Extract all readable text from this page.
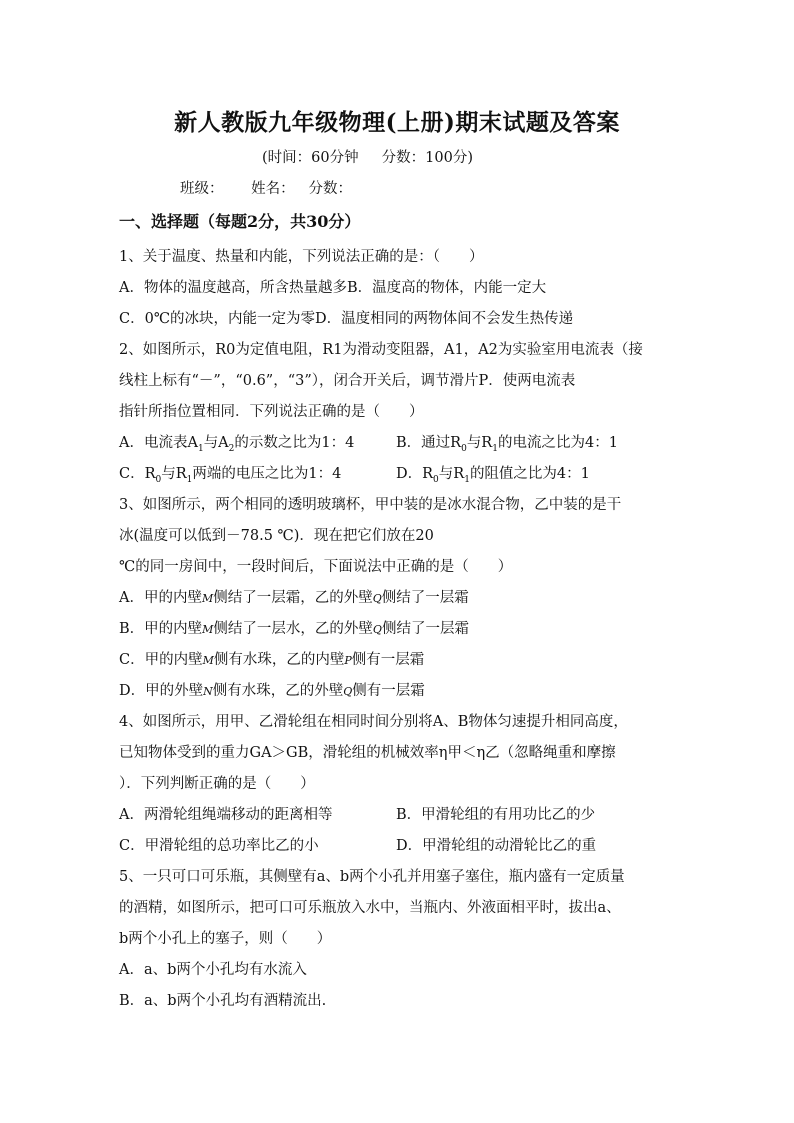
新人教版九年级物理(上册)期末试题及答案
(时间：60分钟     分数：100分)
班级：      姓名：   分数：
一、选择题（每题2分，共30分）
1、关于温度、热量和内能，下列说法正确的是：（　　）
A．物体的温度越高，所含热量越多B．温度高的物体，内能一定大
C．0℃的冰块，内能一定为零D．温度相同的两物体间不会发生热传递
2、如图所示，R0为定值电阻，R1为滑动变阻器，A1，A2为实验室用电流表（接
线柱上标有“－”，“0.6”，“3”），闭合开关后，调节滑片P．使两电流表
指针所指位置相同．下列说法正确的是（　　）
A．电流表$A_1$与$A_2$的示数之比为1：4	B．通过$R_0$与$R_1$的电流之比为4：1
C．$R_0$与$R_1$两端的电压之比为1：4	D．$R_0$与$R_1$的阻值之比为4：1
3、如图所示，两个相同的透明玻璃杯，甲中装的是冰水混合物，乙中装的是干
冰(温度可以低到－78.5 ℃)．现在把它们放在20
℃的同一房间中，一段时间后，下面说法中正确的是（　　）
A．甲的内壁M侧结了一层霜，乙的外壁Q侧结了一层霜
B．甲的内壁M侧结了一层水，乙的外壁Q侧结了一层霜
C．甲的内壁M侧有水珠，乙的内壁P侧有一层霜
D．甲的外壁N侧有水珠，乙的外壁Q侧有一层霜
4、如图所示，用甲、乙滑轮组在相同时间分别将A、B物体匀速提升相同高度，
已知物体受到的重力GA＞GB，滑轮组的机械效率η甲＜η乙（忽略绳重和摩擦
）．下列判断正确的是（　　）
A．两滑轮组绳端移动的距离相等	B．甲滑轮组的有用功比乙的少
C．甲滑轮组的总功率比乙的小	D．甲滑轮组的动滑轮比乙的重
5、一只可口可乐瓶，其侧壁有a、b两个小孔并用塞子塞住，瓶内盛有一定质量
的酒精，如图所示，把可口可乐瓶放入水中，当瓶内、外液面相平时，拔出a、
b两个小孔上的塞子，则（　　）
A．a、b两个小孔均有水流入
B．a、b两个小孔均有酒精流出.
